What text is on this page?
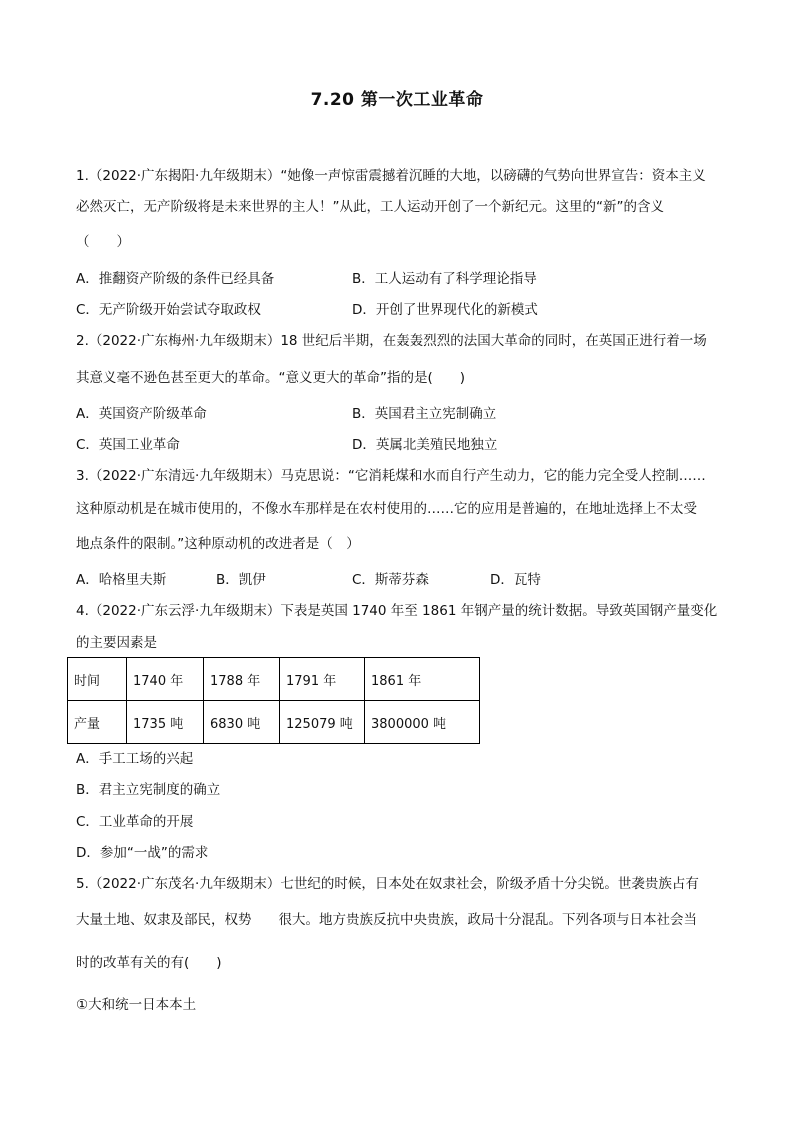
7.20 第一次工业革命
1.（2022·广东揭阳·九年级期末）“她像一声惊雷震撼着沉睡的大地，以磅礴的气势向世界宣告：资本主义
必然灭亡，无产阶级将是未来世界的主人！”从此，工人运动开创了一个新纪元。这里的“新”的含义
（　　）
A．推翻资产阶级的条件已经具备	B．工人运动有了科学理论指导
C．无产阶级开始尝试夺取政权	D．开创了世界现代化的新模式
2.（2022·广东梅州·九年级期末）18 世纪后半期，在轰轰烈烈的法国大革命的同时，在英国正进行着一场
其意义毫不逊色甚至更大的革命。“意义更大的革命”指的是(　　)
A．英国资产阶级革命	B．英国君主立宪制确立
C．英国工业革命	D．英属北美殖民地独立
3.（2022·广东清远·九年级期末）马克思说：“它消耗煤和水而自行产生动力，它的能力完全受人控制……
这种原动机是在城市使用的，不像水车那样是在农村使用的……它的应用是普遍的，在地址选择上不太受
地点条件的限制。”这种原动机的改进者是（　）
A．哈格里夫斯	B．凯伊	C．斯蒂芬森	D．瓦特
4.（2022·广东云浮·九年级期末）下表是英国 1740 年至 1861 年钢产量的统计数据。导致英国钢产量变化
的主要因素是
时间	1740 年	1788 年	1791 年	1861 年
产量	1735 吨	6830 吨	125079 吨	3800000 吨
A．手工工场的兴起
B．君主立宪制度的确立
C．工业革命的开展
D．参加“一战”的需求
5.（2022·广东茂名·九年级期末）七世纪的时候，日本处在奴隶社会，阶级矛盾十分尖锐。世袭贵族占有
大量土地、奴隶及部民，权势　　很大。地方贵族反抗中央贵族，政局十分混乱。下列各项与日本社会当
时的改革有关的有(　　)
①大和统一日本本土
